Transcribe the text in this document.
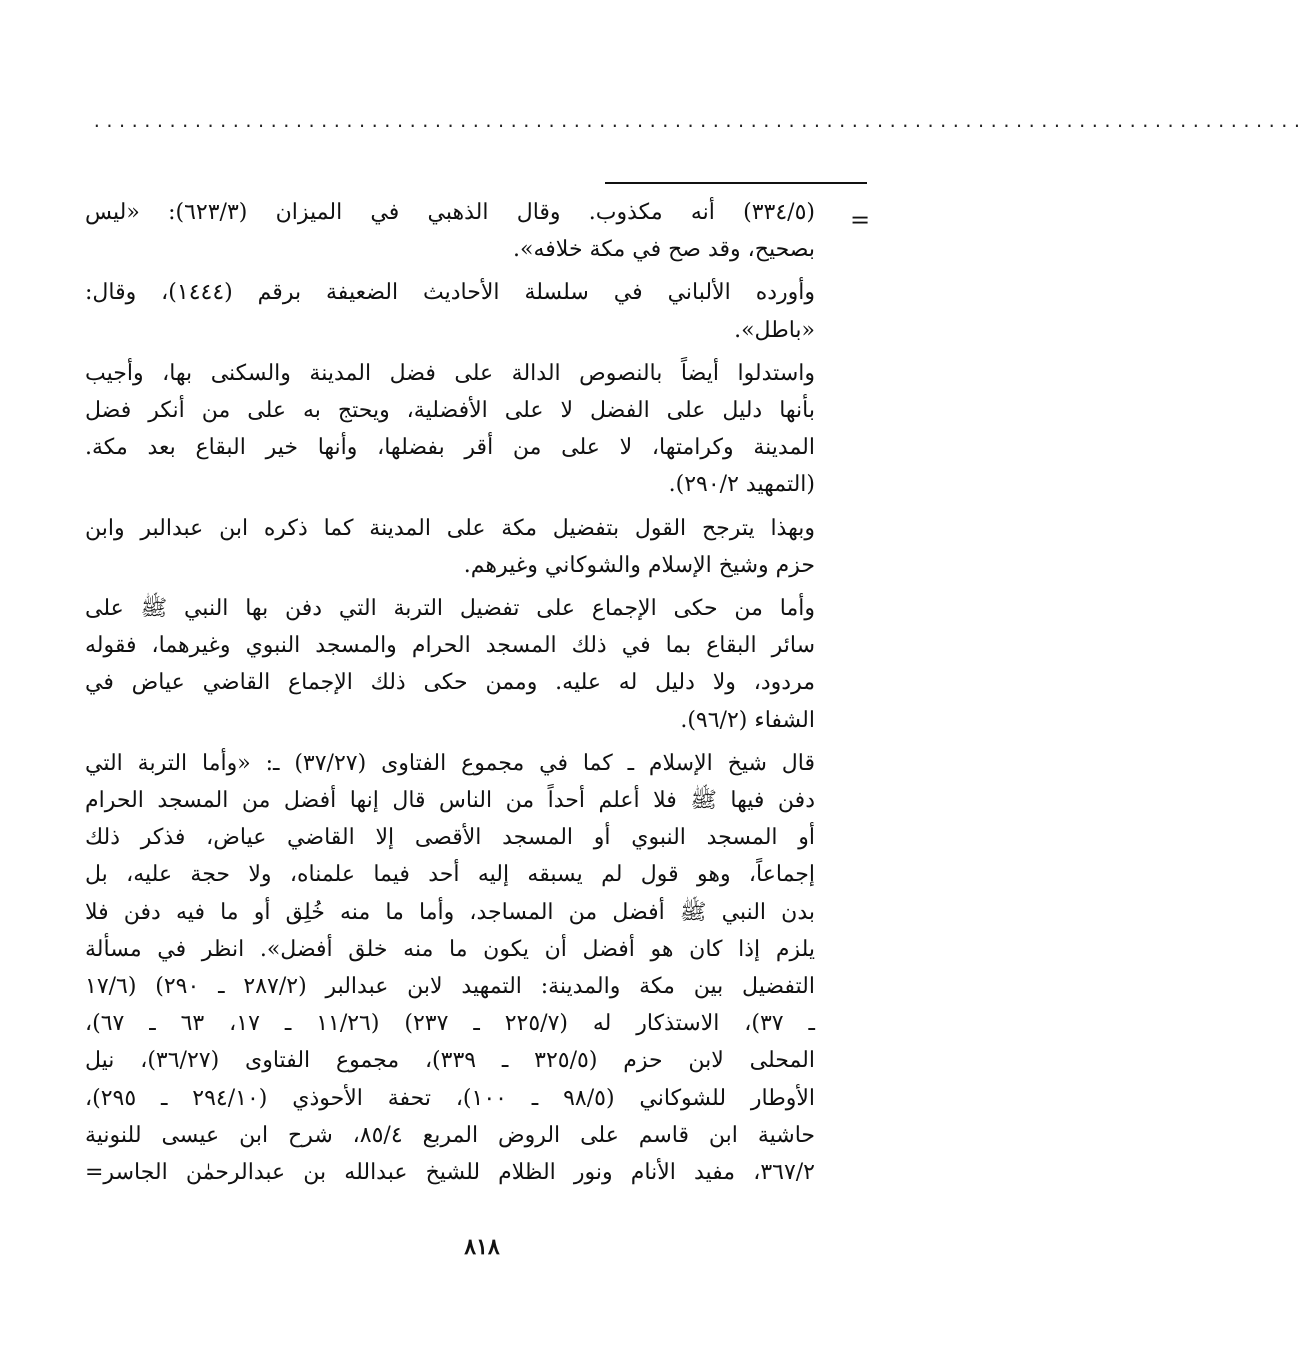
................................................................................................
=
(٣٣٤/٥) أنه مكذوب. وقال الذهبي في الميزان (٦٢٣/٣): «ليس
بصحيح، وقد صح في مكة خلافه».
وأورده الألباني في سلسلة الأحاديث الضعيفة برقم (١٤٤٤)، وقال:
«باطل».
واستدلوا أيضاً بالنصوص الدالة على فضل المدينة والسكنى بها، وأجيب
بأنها دليل على الفضل لا على الأفضلية، ويحتج به على من أنكر فضل
المدينة وكرامتها، لا على من أقر بفضلها، وأنها خير البقاع بعد مكة.
(التمهيد ٢٩٠/٢).
وبهذا يترجح القول بتفضيل مكة على المدينة كما ذكره ابن عبدالبر وابن
حزم وشيخ الإسلام والشوكاني وغيرهم.
وأما من حكى الإجماع على تفضيل التربة التي دفن بها النبي ﷺ على
سائر البقاع بما في ذلك المسجد الحرام والمسجد النبوي وغيرهما، فقوله
مردود، ولا دليل له عليه. وممن حكى ذلك الإجماع القاضي عياض في
الشفاء (٩٦/٢).
قال شيخ الإسلام ـ كما في مجموع الفتاوى (٣٧/٢٧) ـ: «وأما التربة التي
دفن فيها ﷺ فلا أعلم أحداً من الناس قال إنها أفضل من المسجد الحرام
أو المسجد النبوي أو المسجد الأقصى إلا القاضي عياض، فذكر ذلك
إجماعاً، وهو قول لم يسبقه إليه أحد فيما علمناه، ولا حجة عليه، بل
بدن النبي ﷺ أفضل من المساجد، وأما ما منه خُلِق أو ما فيه دفن فلا
يلزم إذا كان هو أفضل أن يكون ما منه خلق أفضل». انظر في مسألة
التفضيل بين مكة والمدينة: التمهيد لابن عبدالبر (٢٨٧/٢ ـ ٢٩٠) (١٧/٦
ـ ٣٧)، الاستذكار له (٢٢٥/٧ ـ ٢٣٧) (١١/٢٦ ـ ١٧، ٦٣ ـ ٦٧)،
المحلى لابن حزم (٣٢٥/٥ ـ ٣٣٩)، مجموع الفتاوى (٣٦/٢٧)، نيل
الأوطار للشوكاني (٩٨/٥ ـ ١٠٠)، تحفة الأحوذي (٢٩٤/١٠ ـ ٢٩٥)،
حاشية ابن قاسم على الروض المربع ٨٥/٤، شرح ابن عيسى للنونية
٣٦٧/٢، مفيد الأنام ونور الظلام للشيخ عبدالله بن عبدالرحمٰن الجاسر=
٨١٨
